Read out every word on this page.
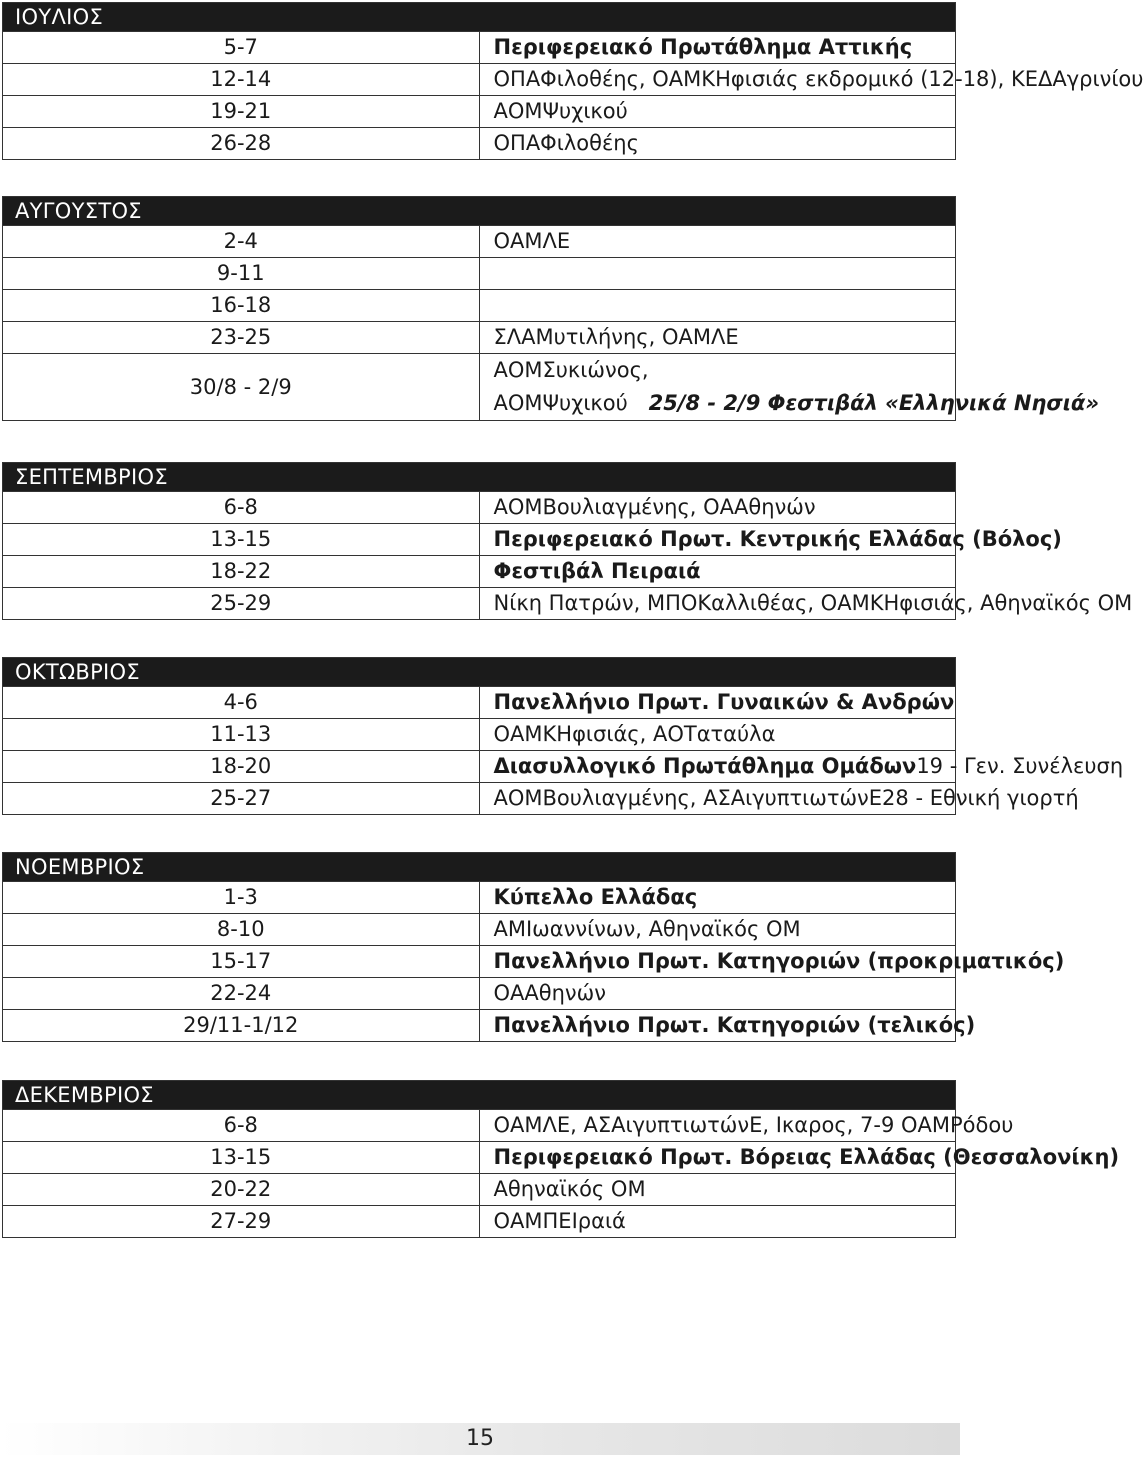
ΙΟΥΛΙΟΣ	
5-7	Περιφερειακό Πρωτάθλημα Αττικής

12-14	ΟΠΑΦιλοθέης, ΟΑΜΚΗφισιάς εκδρομικό (12-18), ΚΕΔΑγρινίου

19-21	ΑΟΜΨυχικού

26-28	ΟΠΑΦιλοθέης
ΑΥΓΟΥΣΤΟΣ	
2-4	ΟΑΜΛΕ

9-11	

16-18	

23-25	ΣΛΑΜυτιλήνης, ΟΑΜΛΕ

30/8 - 2/9	ΑΟΜΣυκιώνος,
ΑΟΜΨυχικού 25/8 - 2/9 Φεστιβάλ «Ελληνικά Νησιά»
ΣΕΠΤΕΜΒΡΙΟΣ	
6-8	ΑΟΜΒουλιαγμένης, ΟΑΑθηνών

13-15	Περιφερειακό Πρωτ. Κεντρικής Ελλάδας (Βόλος)

18-22	Φεστιβάλ Πειραιά

25-29	Νίκη Πατρών, ΜΠΟΚαλλιθέας, ΟΑΜΚΗφισιάς, Αθηναϊκός ΟΜ
ΟΚΤΩΒΡΙΟΣ	
4-6	Πανελλήνιο Πρωτ. Γυναικών & Ανδρών

11-13	ΟΑΜΚΗφισιάς, ΑΟΤαταύλα

18-20	Διασυλλογικό Πρωτάθλημα Ομάδων 19 - Γεν. Συνέλευση

25-27	ΑΟΜΒουλιαγμένης, ΑΣΑιγυπτιωτώνΕ 28 - Εθνική γιορτή
ΝΟΕΜΒΡΙΟΣ	
1-3	Κύπελλο Ελλάδας

8-10	ΑΜΙωαννίνων, Αθηναϊκός ΟΜ

15-17	Πανελλήνιο Πρωτ. Κατηγοριών (προκριματικός)

22-24	ΟΑΑθηνών

29/11-1/12	Πανελλήνιο Πρωτ. Κατηγοριών (τελικός)
ΔΕΚΕΜΒΡΙΟΣ	
6-8	ΟΑΜΛΕ, ΑΣΑιγυπτιωτώνΕ, Ικαρος, 7-9 ΟΑΜΡόδου

13-15	Περιφερειακό Πρωτ. Βόρειας Ελλάδας (Θεσσαλονίκη)

20-22	Αθηναϊκός ΟΜ

27-29	ΟΑΜΠΕΙραιά
15
